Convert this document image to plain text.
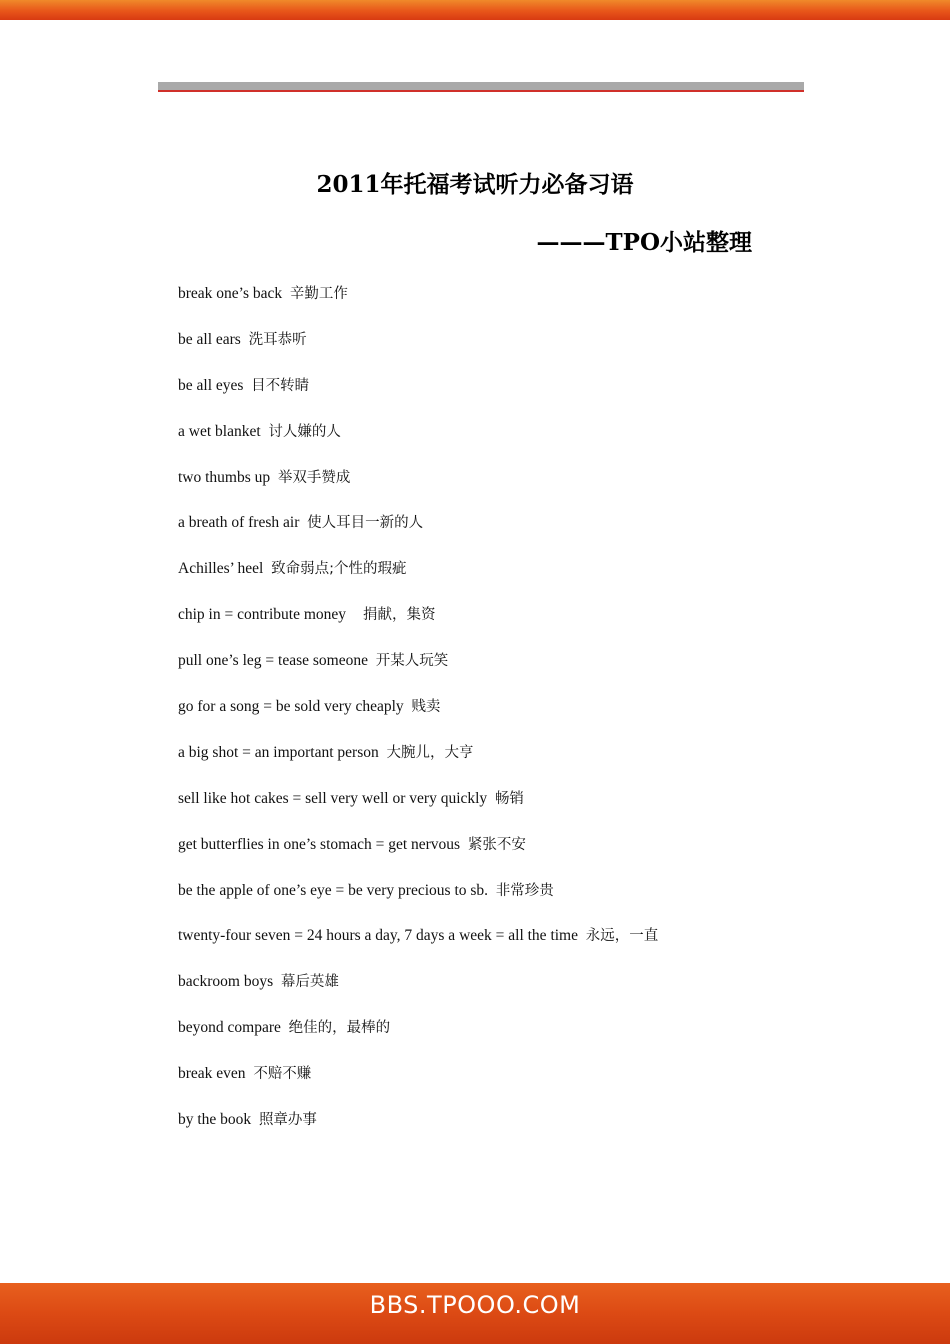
2011年托福考试听力必备习语
———TPO小站整理
break one’s back 辛勤工作
be all ears 洗耳恭听
be all eyes 目不转睛
a wet blanket 讨人嫌的人
two thumbs up 举双手赞成
a breath of fresh air 使人耳目一新的人
Achilles’ heel 致命弱点;个性的瑕疵
chip in = contribute money    捐献，集资
pull one’s leg = tease someone 开某人玩笑
go for a song = be sold very cheaply 贱卖
a big shot = an important person 大腕儿，大亨
sell like hot cakes = sell very well or very quickly 畅销
get butterflies in one’s stomach = get nervous 紧张不安
be the apple of one’s eye = be very precious to sb. 非常珍贵
twenty-four seven = 24 hours a day, 7 days a week = all the time 永远，一直
backroom boys 幕后英雄
beyond compare 绝佳的，最棒的
break even 不赔不赚
by the book 照章办事
BBS.TPOOO.COM
